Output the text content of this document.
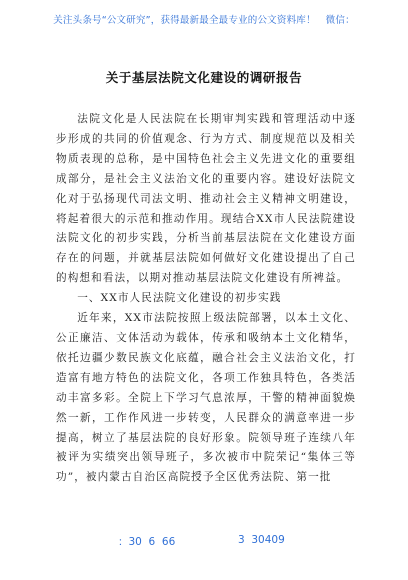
关注头条号“公文研究”，获得最新最全最专业的公文资料库！ 微信：
关于基层法院文化建设的调研报告

法院文化是人民法院在长期审判实践和管理活动中逐步形成的共同的价值观念、行为方式、制度规范以及相关物质表现的总称，是中国特色社会主义先进文化的重要组成部分，是社会主义法治文化的重要内容。建设好法院文化对于弘扬现代司法文明、推动社会主义精神文明建设，将起着很大的示范和推动作用。现结合XX市人民法院建设法院文化的初步实践，分析当前基层法院在文化建设方面存在的问题，并就基层法院如何做好文化建设提出了自己的构想和看法，以期对推动基层法院文化建设有所裨益。

一、XX市人民法院文化建设的初步实践

近年来，XX市法院按照上级法院部署，以本土文化、公正廉洁、文体活动为载体，传承和吸纳本土文化精华，依托边疆少数民族文化底蕴，融合社会主义法治文化，打造富有地方特色的法院文化，各项工作独具特色，各类活动丰富多彩。全院上下学习气息浓厚，干警的精神面貌焕然一新，工作作风进一步转变，人民群众的满意率进一步提高，树立了基层法院的良好形象。院领导班子连续八年被评为实绩突出领导班子，多次被市中院荣记“集体三等功”，被内蒙古自治区高院授予全区优秀法院、第一批

：30  6  66	3  30409
